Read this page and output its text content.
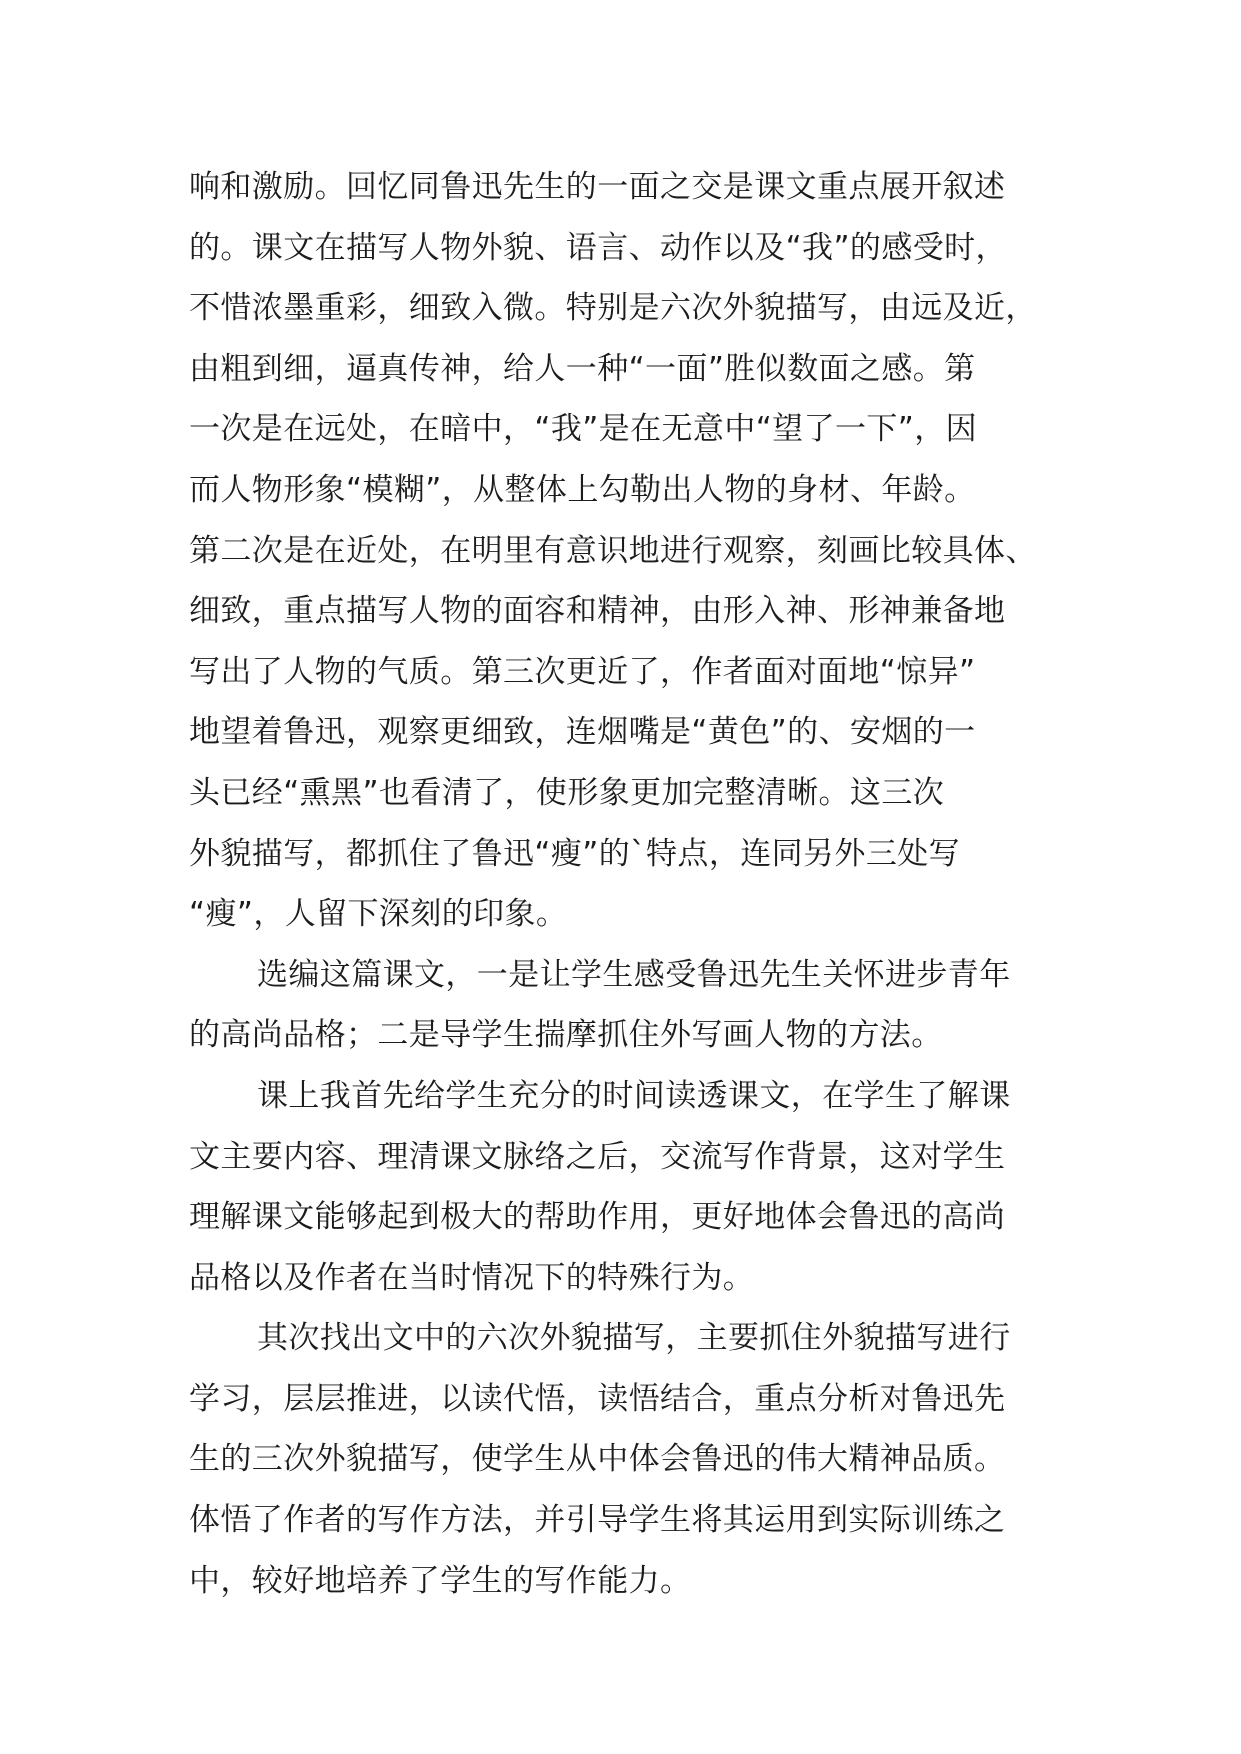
响和激励。回忆同鲁迅先生的一面之交是课文重点展开叙述
的。课文在描写人物外貌、语言、动作以及“我”的感受时，
不惜浓墨重彩，细致入微。特别是六次外貌描写，由远及近，
由粗到细，逼真传神，给人一种“一面”胜似数面之感。第
一次是在远处，在暗中，“我”是在无意中“望了一下”，因
而人物形象“模糊”，从整体上勾勒出人物的身材、年龄。
第二次是在近处，在明里有意识地进行观察，刻画比较具体、
细致，重点描写人物的面容和精神，由形入神、形神兼备地
写出了人物的气质。第三次更近了，作者面对面地“惊异”
地望着鲁迅，观察更细致，连烟嘴是“黄色”的、安烟的一
头已经“熏黑”也看清了，使形象更加完整清晰。这三次
外貌描写，都抓住了鲁迅“瘦”的`特点，连同另外三处写
“瘦”，人留下深刻的印象。
选编这篇课文，一是让学生感受鲁迅先生关怀进步青年
的高尚品格；二是导学生揣摩抓住外写画人物的方法。
课上我首先给学生充分的时间读透课文，在学生了解课
文主要内容、理清课文脉络之后，交流写作背景，这对学生
理解课文能够起到极大的帮助作用，更好地体会鲁迅的高尚
品格以及作者在当时情况下的特殊行为。
其次找出文中的六次外貌描写，主要抓住外貌描写进行
学习，层层推进，以读代悟，读悟结合，重点分析对鲁迅先
生的三次外貌描写，使学生从中体会鲁迅的伟大精神品质。
体悟了作者的写作方法，并引导学生将其运用到实际训练之
中，较好地培养了学生的写作能力。
